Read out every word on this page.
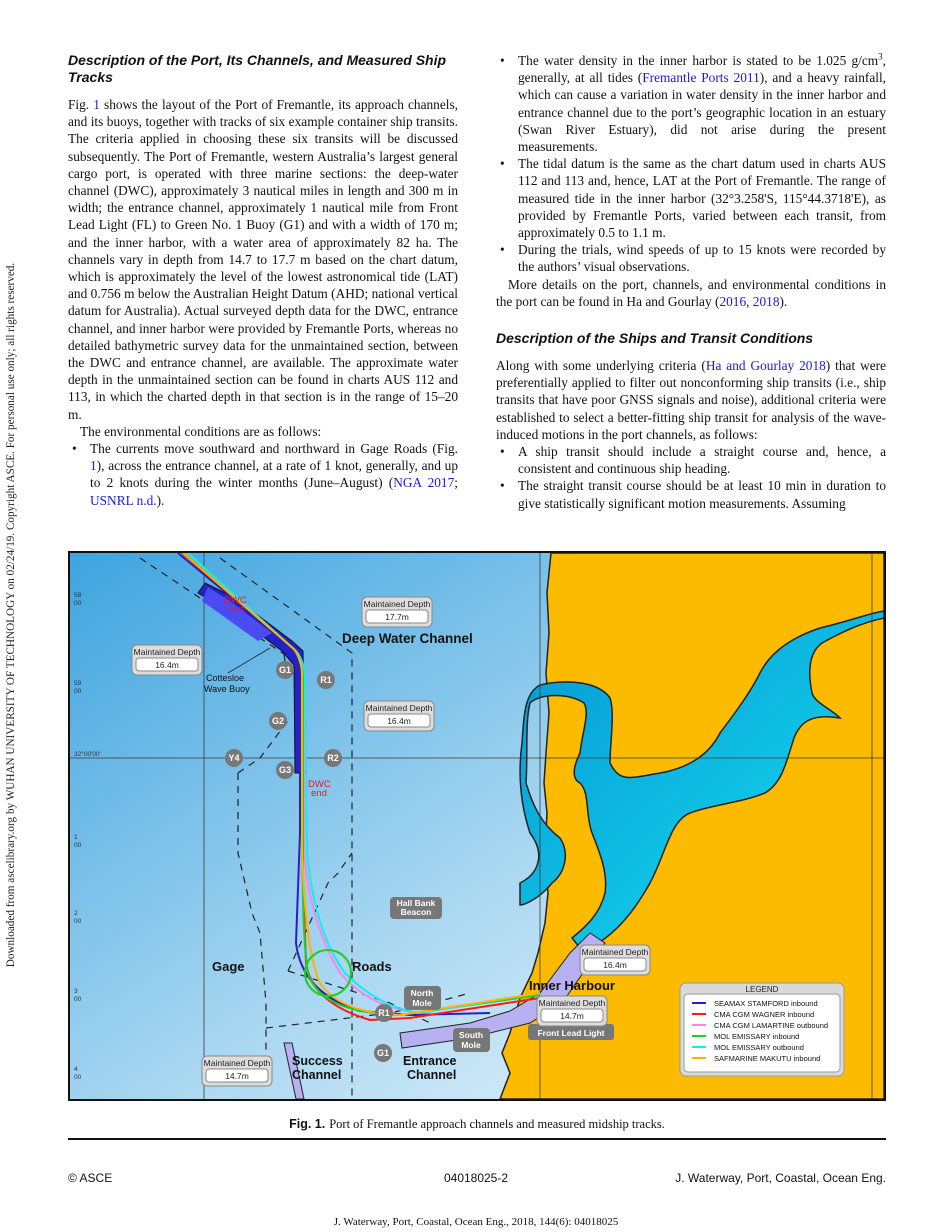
Downloaded from ascelibrary.org by WUHAN UNIVERSITY OF TECHNOLOGY on 02/24/19. Copyright ASCE. For personal use only; all rights reserved.
Description of the Port, Its Channels, and Measured Ship Tracks

Fig. 1 shows the layout of the Port of Fremantle, its approach channels, and its buoys, together with tracks of six example container ship transits. The criteria applied in choosing these six transits will be discussed subsequently. The Port of Fremantle, western Australia’s largest general cargo port, is operated with three marine sections: the deep-water channel (DWC), approximately 3 nautical miles in length and 300 m in width; the entrance channel, approximately 1 nautical mile from Front Lead Light (FL) to Green No. 1 Buoy (G1) and with a width of 170 m; and the inner harbor, with a water area of approximately 82 ha. The channels vary in depth from 14.7 to 17.7 m based on the chart datum, which is approximately the level of the lowest astronomical tide (LAT) and 0.756 m below the Australian Height Datum (AHD; national vertical datum for Australia). Actual surveyed depth data for the DWC, entrance channel, and inner harbor were provided by Fremantle Ports, whereas no detailed bathymetric survey data for the unmaintained section, between the DWC and entrance channel, are available. The approximate water depth in the unmaintained section can be found in charts AUS 112 and 113, in which the charted depth in that section is in the range of 15–20 m.

The environmental conditions are as follows:

• The currents move southward and northward in Gage Roads (Fig. 1), across the entrance channel, at a rate of 1 knot, generally, and up to 2 knots during the winter months (June–August) (NGA 2017; USNRL n.d.).
• The water density in the inner harbor is stated to be 1.025 $g/cm^3$, generally, at all tides (Fremantle Ports 2011), and a heavy rainfall, which can cause a variation in water density in the inner harbor and entrance channel due to the port’s geographic location in an estuary (Swan River Estuary), did not arise during the present measurements.
• The tidal datum is the same as the chart datum used in charts AUS 112 and 113 and, hence, LAT at the Port of Fremantle. The range of measured tide in the inner harbor (32°3.258'S, 115°44.3718'E), as provided by Fremantle Ports, varied between each transit, from approximately 0.5 to 1.1 m.
• During the trials, wind speeds of up to 15 knots were recorded by the authors’ visual observations.

More details on the port, channels, and environmental conditions in the port can be found in Ha and Gourlay (2016, 2018).

Description of the Ships and Transit Conditions

Along with some underlying criteria (Ha and Gourlay 2018) that were preferentially applied to filter out nonconforming ship transits (i.e., ship transits that have poor GNSS signals and noise), additional criteria were established to select a better-fitting ship transit for analysis of the wave-induced motions in the port channels, as follows:

• A ship transit should include a straight course and, hence, a consistent and continuous ship heading.
• The straight transit course should be at least 10 min in duration to give statistically significant motion measurements. Assuming
DWC
start
DWC
end
Deep Water Channel
Gage	Roads
Inner Harbour
Success
Channel
Entrance
Channel
Cottesloe
Wave Buoy
G1
R1
G2
Y4
G3
R2
R1
G1
Hall Bank
Beacon
North
Mole
South
Mole
Front Lead Light
Maintained Depth
17.7m
Maintained Depth
16.4m
Maintained Depth
16.4m
Maintained Depth
16.4m
Maintained Depth
14.7m
Maintained Depth
14.7m
58
00
59
00
32°00'00'
1
00
2
00
3
00
4
00
LEGEND
SEAMAX STAMFORD inbound
CMA CGM WAGNER inbound
CMA CGM LAMARTINE outbound
MOL EMISSARY inbound
MOL EMISSARY outbound
SAFMARINE MAKUTU inbound
Fig. 1. Port of Fremantle approach channels and measured midship tracks.
© ASCE	04018025-2	J. Waterway, Port, Coastal, Ocean Eng.
J. Waterway, Port, Coastal, Ocean Eng., 2018, 144(6): 04018025
